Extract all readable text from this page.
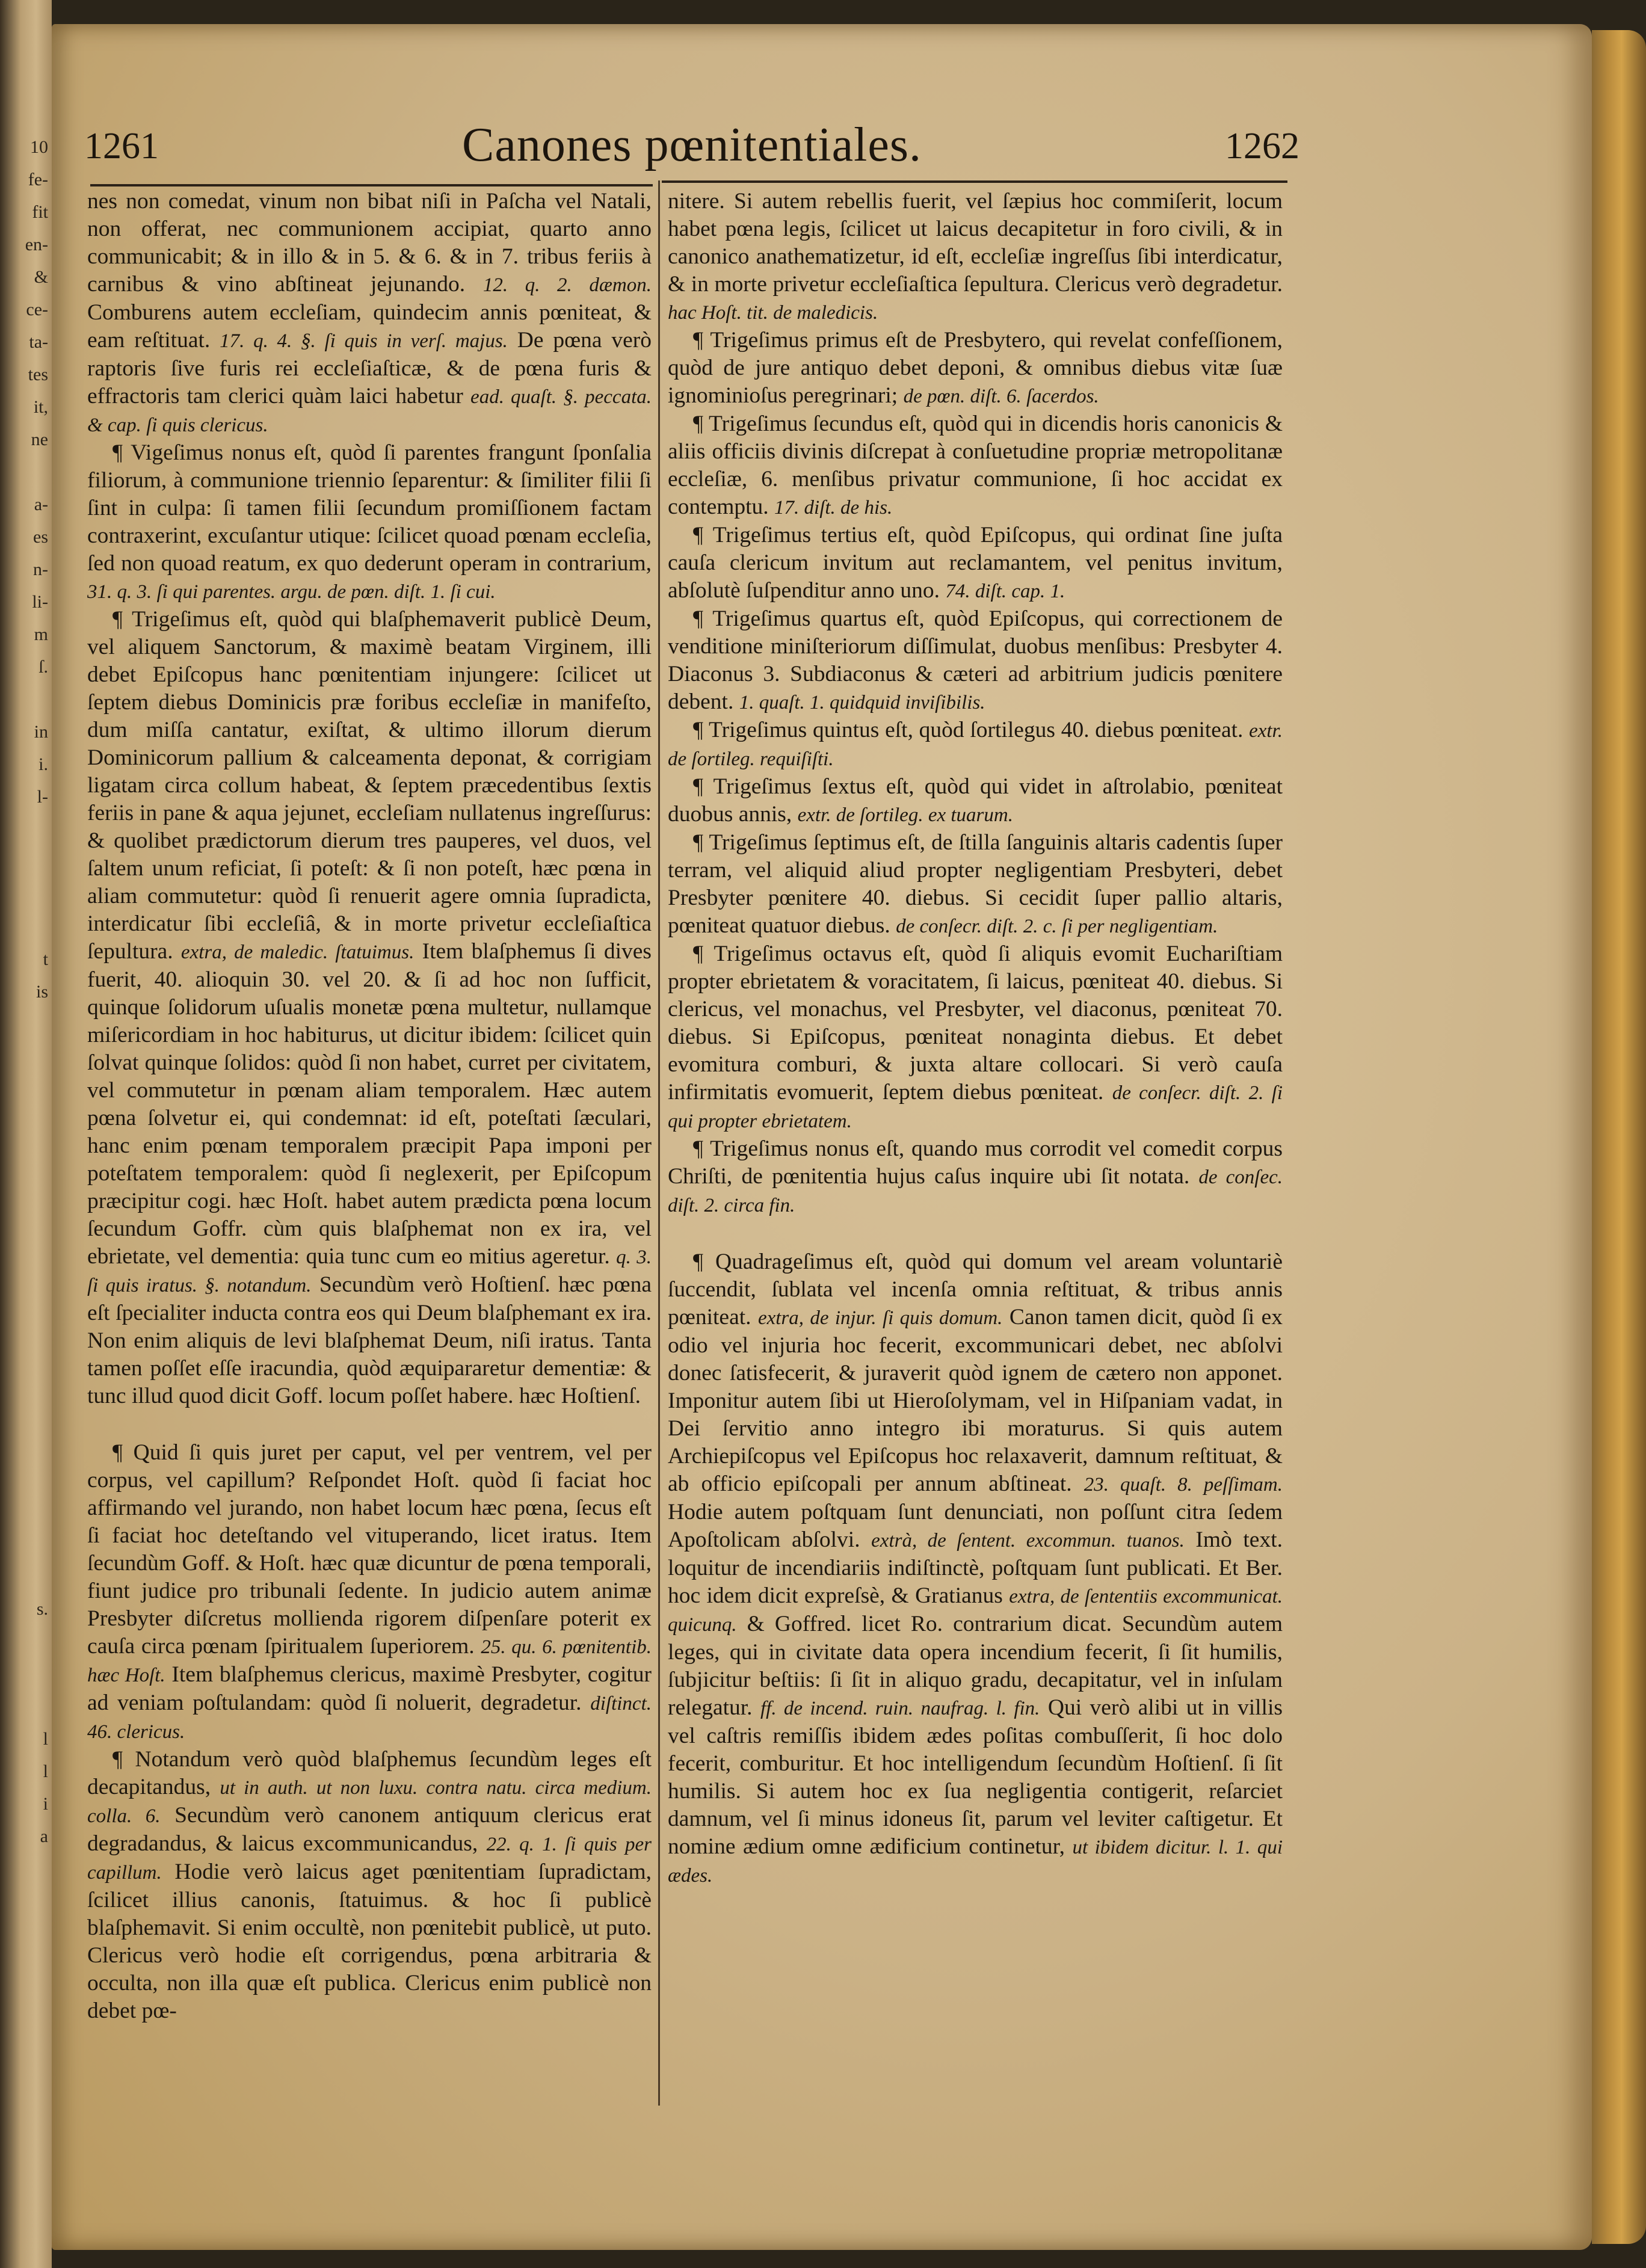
10
fe-
fit
en-
&
ce-
ta-
tes
it,
ne
a-
es
n-
li-
m
ſ.
in
i.
l-
t
is
s.
l
l
i
a
1261	Canones pœnitentiales.	1262

nes non comedat, vinum non bibat niſi in Paſcha vel Natali, non offerat, nec communionem accipiat, quarto anno communicabit; & in illo & in 5. & 6. & in 7. tribus feriis à carnibus & vino abſtineat jejunando. 12. q. 2. dæmon.

Comburens autem eccleſiam, quindecim annis pœniteat, & eam reſtituat. 17. q. 4. §. ſi quis in verſ. majus.

De pœna verò raptoris ſive furis rei eccleſiaſticæ, & de pœna furis & effractoris tam clerici quàm laici habetur ead. quaſt. §. peccata. & cap. ſi quis clericus.

¶ Vigeſimus nonus eſt, quòd ſi parentes frangunt ſponſalia filiorum, à communione triennio ſeparentur: & ſimiliter filii ſi ſint in culpa: ſi tamen filii ſecundum promiſſionem factam contraxerint, excuſantur utique: ſcilicet quoad pœnam eccleſia, ſed non quoad reatum, ex quo dederunt operam in contrarium, 31. q. 3. ſi qui parentes. argu. de pœn. diſt. 1. ſi cui.

¶ Trigeſimus eſt, quòd qui blaſphemaverit publicè Deum, vel aliquem Sanctorum, & maximè beatam Virginem, illi debet Epiſcopus hanc pœnitentiam injungere: ſcilicet ut ſeptem diebus Dominicis præ foribus eccleſiæ in manifeſto, dum miſſa cantatur, exiſtat, & ultimo illorum dierum Dominicorum pallium & calceamenta deponat, & corrigiam ligatam circa collum habeat, & ſeptem præcedentibus ſextis feriis in pane & aqua jejunet, eccleſiam nullatenus ingreſſurus: & quolibet prædictorum dierum tres pauperes, vel duos, vel ſaltem unum reficiat, ſi poteſt: & ſi non poteſt, hæc pœna in aliam commutetur: quòd ſi renuerit agere omnia ſupradicta, interdicatur ſibi eccleſiâ, & in morte privetur eccleſiaſtica ſepultura. extra, de maledic. ſtatuimus.

Item blaſphemus ſi dives fuerit, 40. alioquin 30. vel 20. & ſi ad hoc non ſufficit, quinque ſolidorum uſualis monetæ pœna multetur, nullamque miſericordiam in hoc habiturus, ut dicitur ibidem: ſcilicet quin ſolvat quinque ſolidos: quòd ſi non habet, curret per civitatem, vel commutetur in pœnam aliam temporalem. Hæc autem pœna ſolvetur ei, qui condemnat: id eſt, poteſtati ſæculari, hanc enim pœnam temporalem præcipit Papa imponi per poteſtatem temporalem: quòd ſi neglexerit, per Epiſcopum præcipitur cogi. hæc Hoſt. habet autem prædicta pœna locum ſecundum Goffr. cùm quis blaſphemat non ex ira, vel ebrietate, vel dementia: quia tunc cum eo mitius ageretur. q. 3. ſi quis iratus. §. notandum.

Secundùm verò Hoſtienſ. hæc pœna eſt ſpecialiter inducta contra eos qui Deum blaſphemant ex ira. Non enim aliquis de levi blaſphemat Deum, niſi iratus. Tanta tamen poſſet eſſe iracundia, quòd æquipararetur dementiæ: & tunc illud quod dicit Goff. locum poſſet habere. hæc Hoſtienſ.

¶ Quid ſi quis juret per caput, vel per ventrem, vel per corpus, vel capillum? Reſpondet Hoſt. quòd ſi faciat hoc affirmando vel jurando, non habet locum hæc pœna, ſecus eſt ſi faciat hoc deteſtando vel vituperando, licet iratus. Item ſecundùm Goff. & Hoſt. hæc quæ dicuntur de pœna temporali, fiunt judice pro tribunali ſedente. In judicio autem animæ Presbyter diſcretus mollienda rigorem diſpenſare poterit ex cauſa circa pœnam ſpiritualem ſuperiorem. 25. qu. 6. pœnitentib. hæc Hoſt.

Item blaſphemus clericus, maximè Presbyter, cogitur ad veniam poſtulandam: quòd ſi noluerit, degradetur. diſtinct. 46. clericus.

¶ Notandum verò quòd blaſphemus ſecundùm leges eſt decapitandus, ut in auth. ut non luxu. contra natu. circa medium. colla. 6.

Secundùm verò canonem antiquum clericus erat degradandus, & laicus excommunicandus, 22. q. 1. ſi quis per capillum.

Hodie verò laicus aget pœnitentiam ſupradictam, ſcilicet illius canonis, ſtatuimus. & hoc ſi publicè blaſphemavit. Si enim occultè, non pœnitebit publicè, ut puto. Clericus verò hodie eſt corrigendus, pœna arbitraria & occulta, non illa quæ eſt publica. Clericus enim publicè non debet pœ-

nitere. Si autem rebellis fuerit, vel ſæpius hoc commiſerit, locum habet pœna legis, ſcilicet ut laicus decapitetur in foro civili, & in canonico anathematizetur, id eſt, eccleſiæ ingreſſus ſibi interdicatur, & in morte privetur eccleſiaſtica ſepultura. Clericus verò degradetur. hac Hoſt. tit. de maledicis.

¶ Trigeſimus primus eſt de Presbytero, qui revelat confeſſionem, quòd de jure antiquo debet deponi, & omnibus diebus vitæ ſuæ ignominioſus peregrinari; de pœn. diſt. 6. ſacerdos.

¶ Trigeſimus ſecundus eſt, quòd qui in dicendis horis canonicis & aliis officiis divinis diſcrepat à conſuetudine propriæ metropolitanæ eccleſiæ, 6. menſibus privatur communione, ſi hoc accidat ex contemptu. 17. diſt. de his.

¶ Trigeſimus tertius eſt, quòd Epiſcopus, qui ordinat ſine juſta cauſa clericum invitum aut reclamantem, vel penitus invitum, abſolutè ſuſpenditur anno uno. 74. diſt. cap. 1.

¶ Trigeſimus quartus eſt, quòd Epiſcopus, qui correctionem de venditione miniſteriorum diſſimulat, duobus menſibus: Presbyter 4. Diaconus 3. Subdiaconus & cæteri ad arbitrium judicis pœnitere debent. 1. quaſt. 1. quidquid inviſibilis.

¶ Trigeſimus quintus eſt, quòd ſortilegus 40. diebus pœniteat. extr. de ſortileg. requiſiſti.

¶ Trigeſimus ſextus eſt, quòd qui videt in aſtrolabio, pœniteat duobus annis, extr. de ſortileg. ex tuarum.

¶ Trigeſimus ſeptimus eſt, de ſtilla ſanguinis altaris cadentis ſuper terram, vel aliquid aliud propter negligentiam Presbyteri, debet Presbyter pœnitere 40. diebus. Si cecidit ſuper pallio altaris, pœniteat quatuor diebus. de conſecr. diſt. 2. c. ſi per negligentiam.

¶ Trigeſimus octavus eſt, quòd ſi aliquis evomit Euchariſtiam propter ebrietatem & voracitatem, ſi laicus, pœniteat 40. diebus. Si clericus, vel monachus, vel Presbyter, vel diaconus, pœniteat 70. diebus. Si Epiſcopus, pœniteat nonaginta diebus. Et debet evomitura comburi, & juxta altare collocari. Si verò cauſa infirmitatis evomuerit, ſeptem diebus pœniteat. de conſecr. diſt. 2. ſi qui propter ebrietatem.

¶ Trigeſimus nonus eſt, quando mus corrodit vel comedit corpus Chriſti, de pœnitentia hujus caſus inquire ubi ſit notata. de conſec. diſt. 2. circa fin.

¶ Quadrageſimus eſt, quòd qui domum vel aream voluntariè ſuccendit, ſublata vel incenſa omnia reſtituat, & tribus annis pœniteat. extra, de injur. ſi quis domum.

Canon tamen dicit, quòd ſi ex odio vel injuria hoc fecerit, excommunicari debet, nec abſolvi donec ſatisfecerit, & juraverit quòd ignem de cætero non apponet. Imponitur autem ſibi ut Hieroſolymam, vel in Hiſpaniam vadat, in Dei ſervitio anno integro ibi moraturus. Si quis autem Archiepiſcopus vel Epiſcopus hoc relaxaverit, damnum reſtituat, & ab officio epiſcopali per annum abſtineat. 23. quaſt. 8. peſſimam.

Hodie autem poſtquam ſunt denunciati, non poſſunt citra ſedem Apoſtolicam abſolvi. extrà, de ſentent. excommun. tuanos.

Imò text. loquitur de incendiariis indiſtinctè, poſtquam ſunt publicati. Et Ber. hoc idem dicit expreſsè, & Gratianus extra, de ſententiis excommunicat. quicunq.

& Goffred. licet Ro. contrarium dicat. Secundùm autem leges, qui in civitate data opera incendium fecerit, ſi ſit humilis, ſubjicitur beſtiis: ſi ſit in aliquo gradu, decapitatur, vel in inſulam relegatur. ff. de incend. ruin. naufrag. l. fin.

Qui verò alibi ut in villis vel caſtris remiſſis ibidem ædes poſitas combuſſerit, ſi hoc dolo fecerit, comburitur. Et hoc intelligendum ſecundùm Hoſtienſ. ſi ſit humilis. Si autem hoc ex ſua negligentia contigerit, reſarciet damnum, vel ſi minus idoneus ſit, parum vel leviter caſtigetur. Et nomine ædium omne ædificium continetur, ut ibidem dicitur. l. 1. qui ædes.
